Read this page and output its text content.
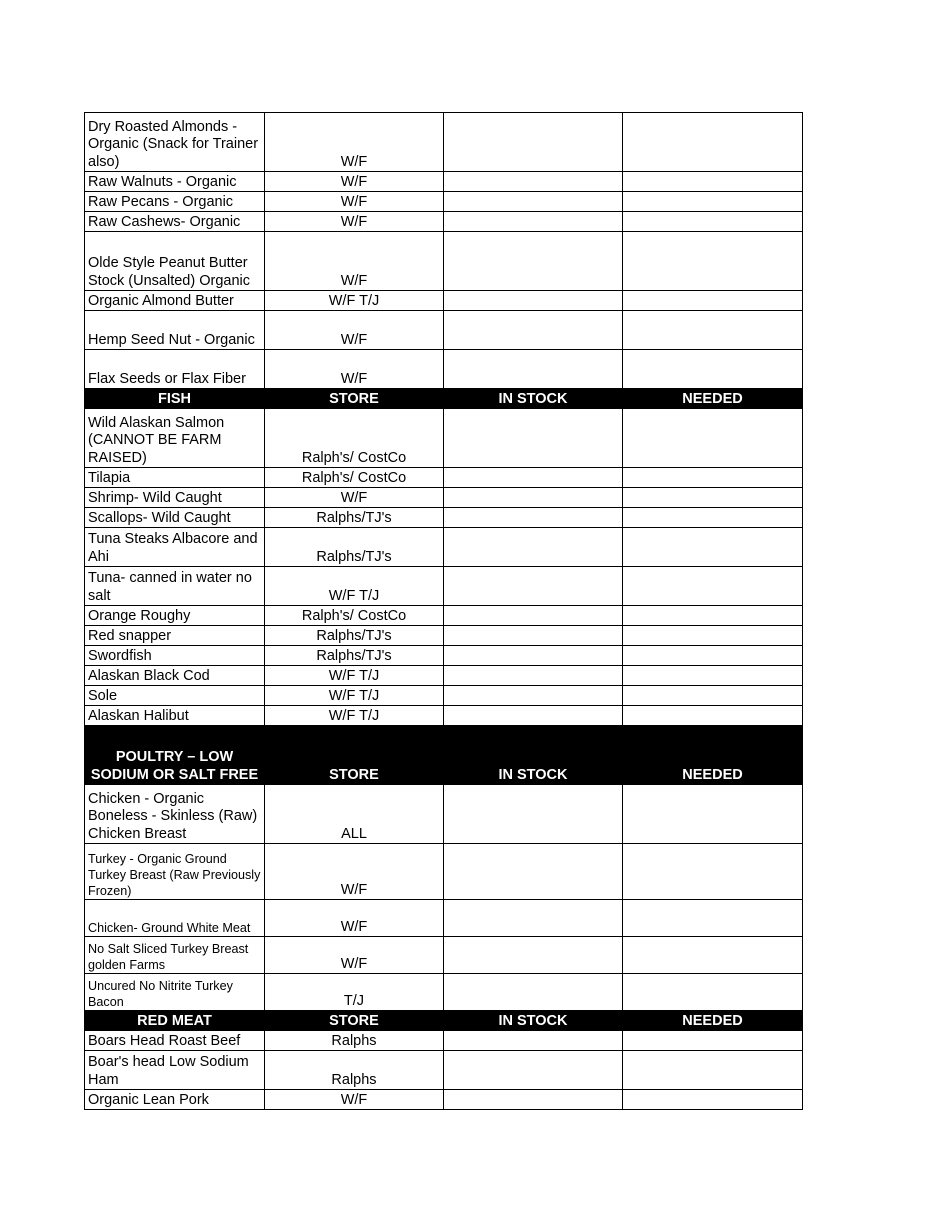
Dry Roasted Almonds - Organic (Snack for Trainer also)	W/F		
Raw Walnuts - Organic	W/F		
Raw Pecans - Organic	W/F		
Raw Cashews- Organic	W/F		
Olde Style Peanut Butter Stock (Unsalted) Organic	W/F		
Organic Almond Butter	W/F T/J		
Hemp Seed Nut - Organic	W/F		
Flax Seeds or Flax Fiber	W/F		
FISH	STORE	IN STOCK	NEEDED
Wild Alaskan Salmon (CANNOT BE FARM RAISED)	Ralph's/ CostCo		
Tilapia	Ralph's/ CostCo		
Shrimp- Wild Caught	W/F		
Scallops- Wild Caught	Ralphs/TJ's		
Tuna Steaks Albacore and Ahi	Ralphs/TJ's		
Tuna- canned in water no salt	W/F T/J		
Orange Roughy	Ralph's/ CostCo		
Red snapper	Ralphs/TJ's		
Swordfish	Ralphs/TJ's		
Alaskan Black Cod	W/F T/J		
Sole	W/F T/J		
Alaskan Halibut	W/F T/J		
POULTRY – LOW SODIUM OR SALT FREE	STORE	IN STOCK	NEEDED
Chicken - Organic Boneless - Skinless (Raw) Chicken Breast	ALL		
Turkey - Organic Ground Turkey Breast (Raw Previously Frozen)	W/F		
Chicken- Ground White Meat	W/F		
No Salt Sliced Turkey Breast golden Farms	W/F		
Uncured No Nitrite Turkey Bacon	T/J		
RED MEAT	STORE	IN STOCK	NEEDED
Boars Head Roast Beef	Ralphs		
Boar's head Low Sodium Ham	Ralphs		
Organic Lean Pork	W/F		
